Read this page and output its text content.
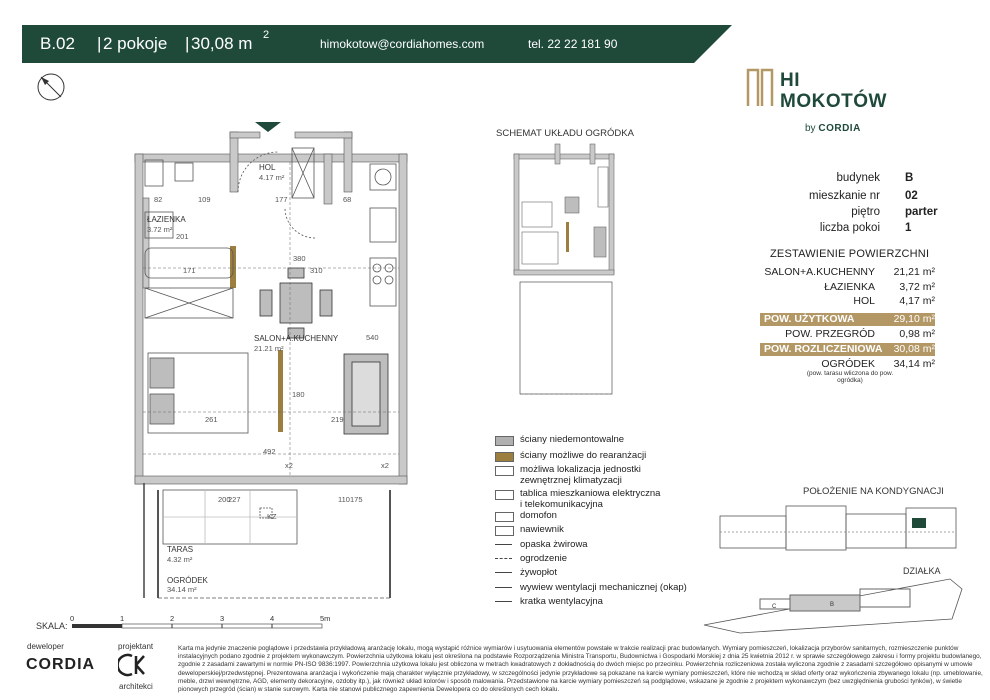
B.02 | 2 pokoje | 30,08 m 2
himokotow@cordiahomes.com	tel. 22 22 181 90
HI
MOKOTÓW
by CORDIA
budynek B
mieszkanie nr 02
piętro parter
liczba pokoi 1
ZESTAWIENIE POWIERZCHNI
SALON+A.KUCHENNY 21,21 m²
ŁAZIENKA 3,72 m²
HOL 4,17 m²
POW. UŻYTKOWA	29,10 m²
POW. PRZEGRÓD 0,98 m²
POW. ROZLICZENIOWA 30,08 m²
OGRÓDEK 34,14 m²
(pow. tarasu wliczona do pow. ogródka)
HOL
4.17 m²
ŁAZIENKA
3.72 m²
SALON+A.KUCHENNY
21.21 m²
TARAS
4.32 m²
OGRÓDEK
34.14 m²
109	177	68
171
201
380
310
540
261
180
219
492
200
227	110 175
82
x2	x2
KZ
SCHEMAT UKŁADU OGRÓDKA
ściany niedemontowalne
ściany możliwe do rearanżacji
możliwa lokalizacja jednostki
zewnętrznej klimatyzacji
tablica mieszkaniowa elektryczna
i telekomunikacyjna
domofon
nawiewnik
opaska żwirowa
ogrodzenie
żywopłot
wywiew wentylacji mechanicznej (okap)
kratka wentylacyjna
POŁOŻENIE NA KONDYGNACJI
DZIAŁKA
B
C
SKALA:
0	1	2	3	4	5m
deweloper
CORDIA
projektant
architekci
Karta ma jedynie znaczenie poglądowe i przedstawia przykładową aranżację lokalu, mogą wystąpić różnice wymiarów i usytuowania elementów powstałe w trakcie realizacji prac budowlanych. Wymiary pomieszczeń, lokalizacja przyborów sanitarnych, rozmieszczenie punktów instalacyjnych podano zgodnie z projektem wykonawczym. Powierzchnia użytkowa lokalu jest określona na podstawie Rozporządzenia Ministra Transportu, Budownictwa i Gospodarki Morskiej z dnia 25 kwietnia 2012 r. w sprawie szczegółowego zakresu i formy projektu budowlanego, zgodnie z zasadami zawartymi w normie PN-ISO 9836:1997. Powierzchnia użytkowa lokalu jest obliczona w metrach kwadratowych z dokładnością do dwóch miejsc po przecinku. Powierzchnia rozliczeniowa została wyliczona zgodnie z zasadami szczegółowo opisanymi w umowie deweloperskiej/przedwstępnej. Prezentowana aranżacja i wykończenie mają charakter wyłącznie przykładowy, w szczególności jedynie przykładowe są pokazane na karcie wymiary pomieszczeń, które nie wchodzą w skład oferty oraz wykończenia zbywanego lokalu (np. umeblowanie, meble, drzwi wewnętrzne, AGD, elementy dekoracyjne, ozdoby itp.), jak również układ kolorów i sposób malowania. Przedstawione na karcie wymiary pomieszczeń są podglądowe, wskazane je zgodnie z projektem wykonawczym (bez uwzględnienia grubości tynków), w świetle pionowych przegród (ścian) w stanie surowym. Karta nie stanowi publicznego zapewnienia Dewelopera co do określonych cech lokalu.
